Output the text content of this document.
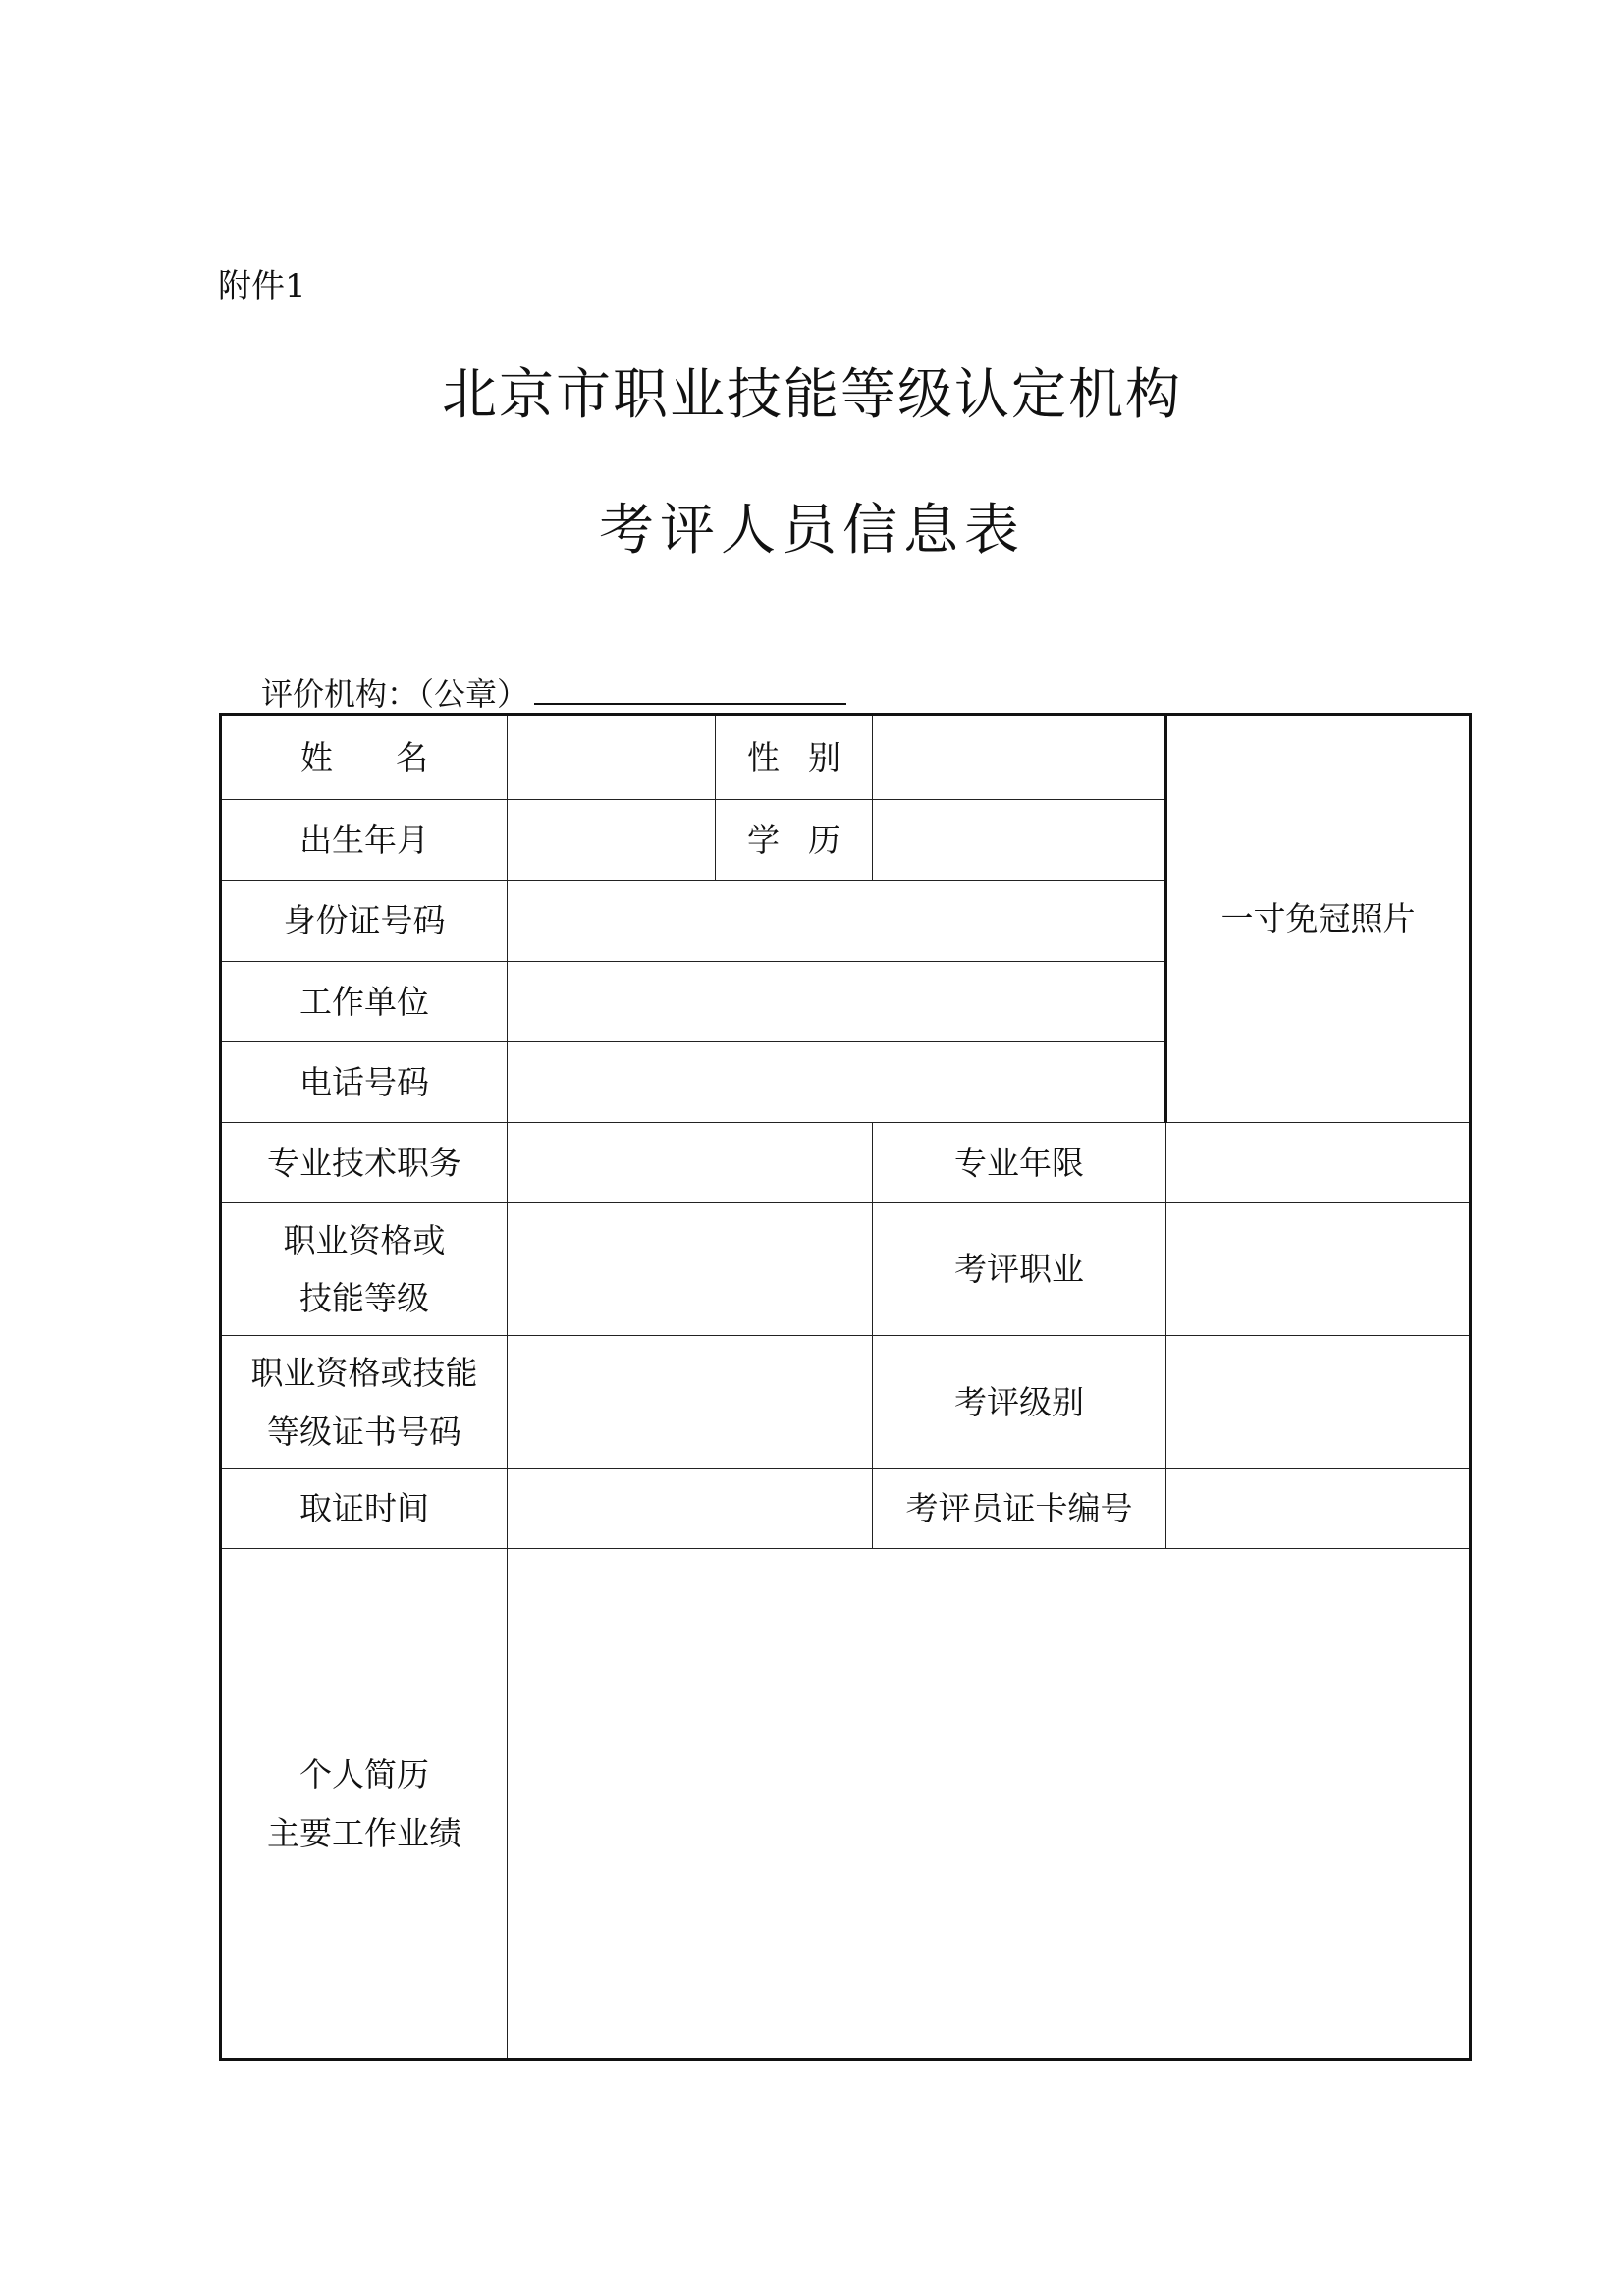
附件1
北京市职业技能等级认定机构
考评人员信息表
评价机构：（公章）
姓 名		性 别		一寸免冠照片
出生年月		学 历		

身份证号码				
工作单位				
电话号码				
专业技术职务			专业年限	

职业资格或
技能等级			考评职业	

职业资格或技能
等级证书号码			考评级别	
取证时间			考评员证卡编号	

个人简历
主要工作业绩				
